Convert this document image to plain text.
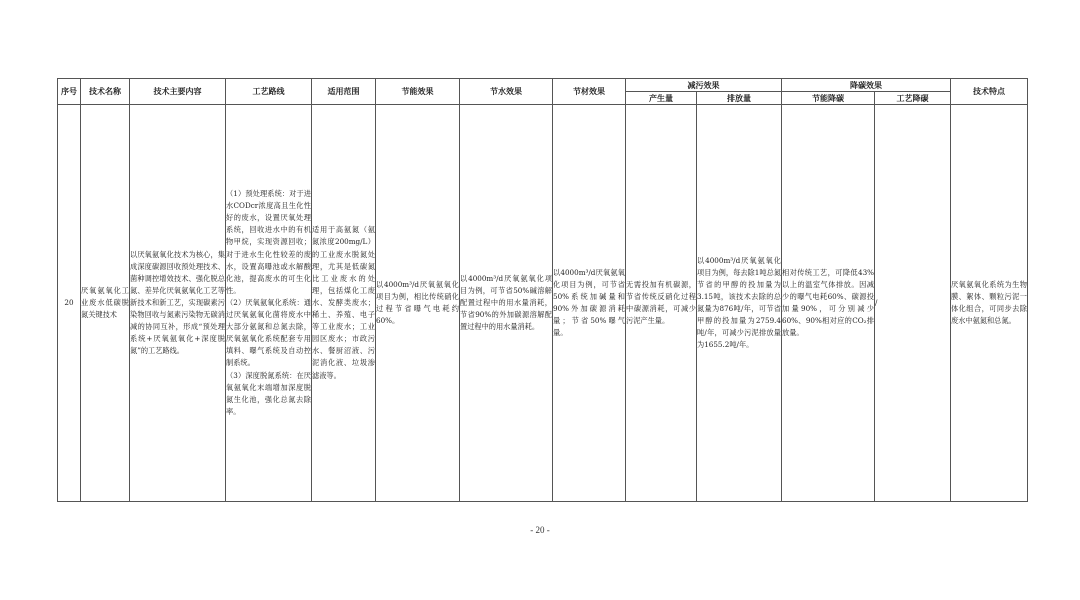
序号	技术名称	技术主要内容	工艺路线	适用范围	节能效果	节水效果	节材效果	减污效果		降碳效果		技术特点
								产生量	排放量	节能降碳	工艺降碳	
20	厌氧氨氧化工业废水低碳脱氮关键技术	以厌氧氨氧化技术为核心，集成深度碳源回收预处理技术、菌种调控增效技术、强化脱总氮、差异化厌氧氨氧化工艺等新技术和新工艺，实现碳素污染物回收与氮素污染物无碳消减的协同互补，形成“预处理系统+厌氧氨氧化+深度脱氮”的工艺路线。	（1）预处理系统：对于进水CODcr浓度高且生化性好的废水，设置厌氧处理系统，回收进水中的有机物甲烷，实现资源回收；对于进水生化性较差的废水，设置高曝池或水解酸化池，提高废水的可生化性。
（2）厌氧氨氧化系统：通过厌氧氨氧化菌将废水中大部分氨氮和总氮去除，厌氧氨氧化系统配套专用填料、曝气系统及自动控制系统。
（3）深度脱氮系统：在厌氧氨氧化末端增加深度脱氮生化池，强化总氮去除率。	适用于高氨氮（氨氮浓度200mg/L）的工业废水脱氮处理，尤其是低碳氮比工业废水的处理，包括煤化工废水、发酵类废水；稀土、养殖、电子等工业废水；工业园区废水；市政污水、餐厨沼液、污泥消化液、垃圾渗滤液等。	以4000m³/d厌氧氨氧化项目为例，相比传统硝化过程节省曝气电耗约60%。	以4000m³/d厌氧氨氧化项目为例，可节省50%碱溶解配置过程中的用水量消耗，节省90%的外加碳源溶解配置过程中的用水量消耗。	以4000m³/d厌氧氨氧化项目为例，可节省50%系统加碱量和90%外加碳源消耗量；节省50%曝气量。	无需投加有机碳源，节省传统反硝化过程中碳源消耗，可减少污泥产生量。	以4000m³/d厌氧氨氧化项目为例，每去除1吨总氮节省的甲醇的投加量为3.15吨，该技术去除的总氮量为876吨/年，可节省甲醇的投加量为2759.4吨/年，可减少污泥排放量为1655.2吨/年。	相对传统工艺，可降低43%以上的温室气体排放。因减少的曝气电耗60%、碳源投加量90%，可分别减少60%、90%相对应的CO₂排放量。	/	厌氧氨氧化系统为生物膜、絮体、颗粒污泥一体化组合，可同步去除废水中氨氮和总氮。
- 20 -
